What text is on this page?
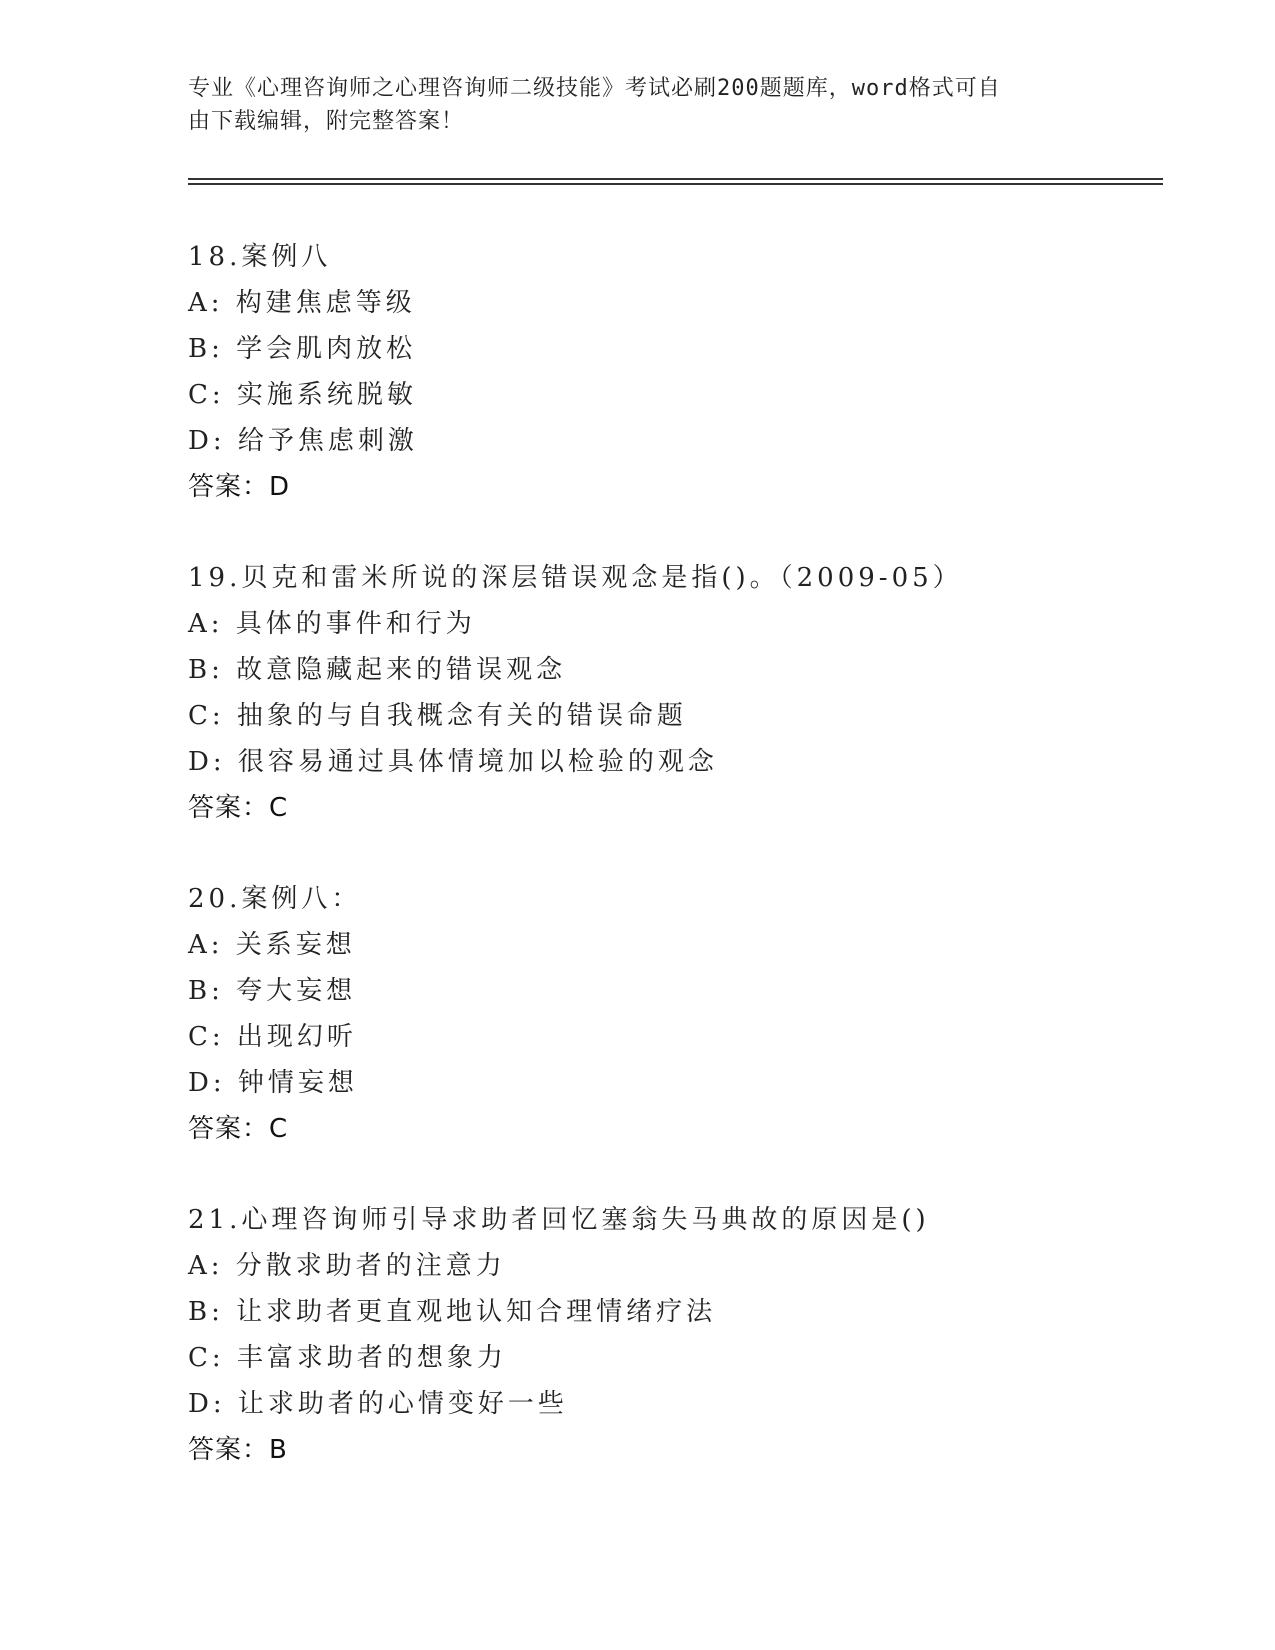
专业《心理咨询师之心理咨询师二级技能》考试必刷200题题库，word格式可自
由下载编辑，附完整答案！
18.案例八
A: 构建焦虑等级
B: 学会肌肉放松
C: 实施系统脱敏
D: 给予焦虑刺激
答案：D
19.贝克和雷米所说的深层错误观念是指()。（2009-05）
A: 具体的事件和行为
B: 故意隐藏起来的错误观念
C: 抽象的与自我概念有关的错误命题
D: 很容易通过具体情境加以检验的观念
答案：C
20.案例八：
A: 关系妄想
B: 夸大妄想
C: 出现幻听
D: 钟情妄想
答案：C
21.心理咨询师引导求助者回忆塞翁失马典故的原因是()
A: 分散求助者的注意力
B: 让求助者更直观地认知合理情绪疗法
C: 丰富求助者的想象力
D: 让求助者的心情变好一些
答案：B
